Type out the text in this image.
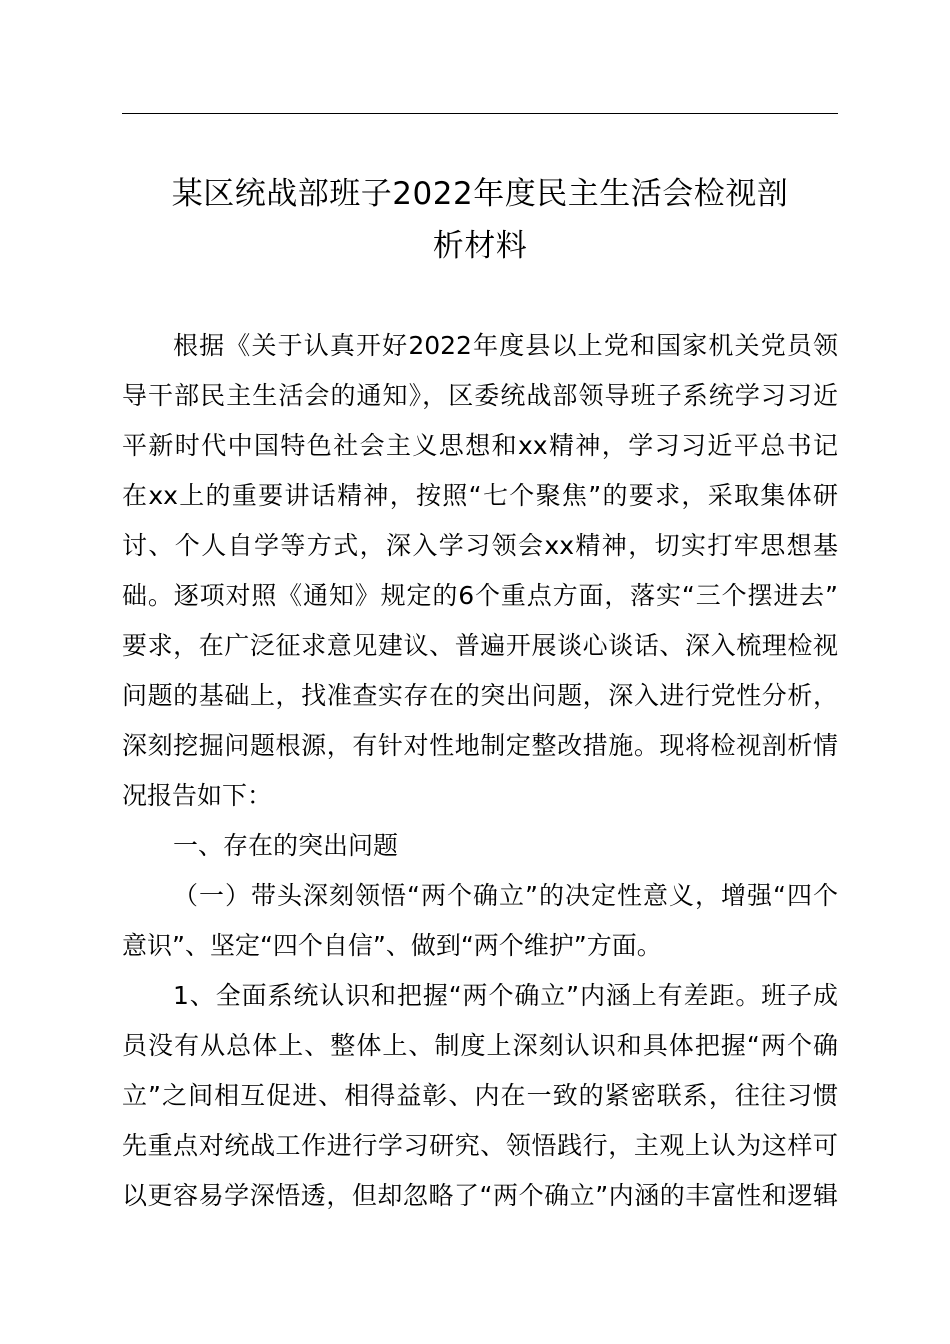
某区统战部班子2022年度民主生活会检视剖
析材料
根据《关于认真开好2022年度县以上党和国家机关党员领
导干部民主生活会的通知》，区委统战部领导班子系统学习习近
平新时代中国特色社会主义思想和xx精神，学习习近平总书记
在xx上的重要讲话精神，按照“七个聚焦”的要求，采取集体研
讨、个人自学等方式，深入学习领会xx精神，切实打牢思想基
础。逐项对照《通知》规定的6个重点方面，落实“三个摆进去”
要求，在广泛征求意见建议、普遍开展谈心谈话、深入梳理检视
问题的基础上，找准查实存在的突出问题，深入进行党性分析，
深刻挖掘问题根源，有针对性地制定整改措施。现将检视剖析情
况报告如下：
一、存在的突出问题
（一）带头深刻领悟“两个确立”的决定性意义，增强“四个
意识”、坚定“四个自信”、做到“两个维护”方面。
1、全面系统认识和把握“两个确立”内涵上有差距。班子成
员没有从总体上、整体上、制度上深刻认识和具体把握“两个确
立”之间相互促进、相得益彰、内在一致的紧密联系，往往习惯
先重点对统战工作进行学习研究、领悟践行，主观上认为这样可
以更容易学深悟透，但却忽略了“两个确立”内涵的丰富性和逻辑
